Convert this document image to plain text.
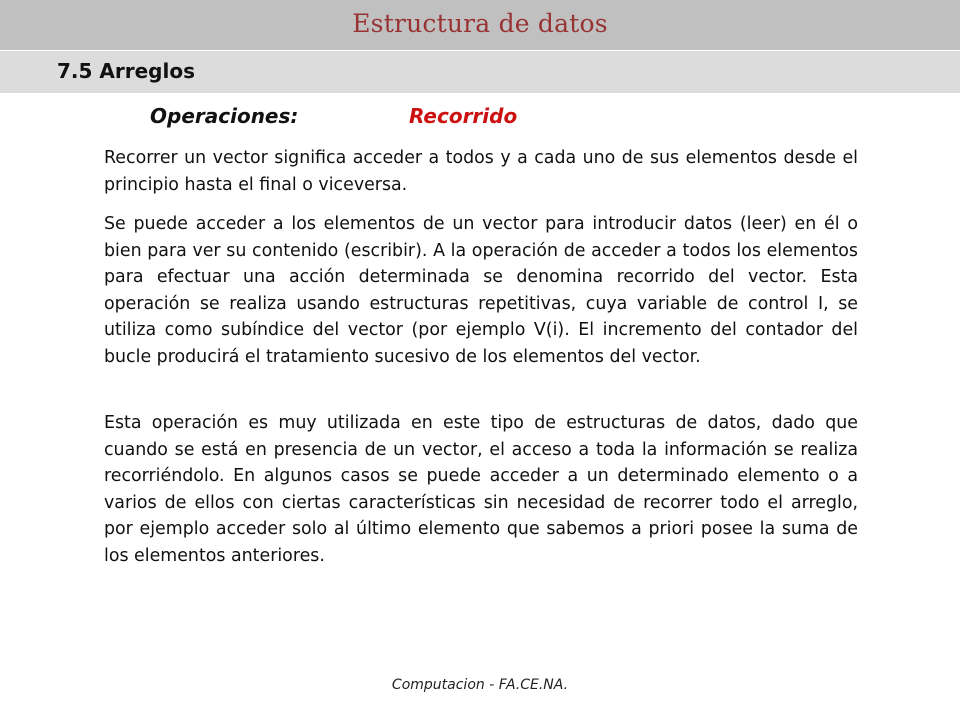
Estructura de datos
7.5 Arreglos
Operaciones:	Recorrido

Recorrer un vector significa acceder a todos y a cada uno de sus elementos desde el principio hasta el final o viceversa.

Se puede acceder a los elementos de un vector para introducir datos (leer) en él o bien para ver su contenido (escribir). A la operación de acceder a todos los elementos para efectuar una acción determinada se denomina recorrido del vector. Esta operación se realiza usando estructuras repetitivas, cuya variable de control I, se utiliza como subíndice del vector (por ejemplo V(i). El incremento del contador del bucle producirá el tratamiento sucesivo de los elementos del vector.

Esta operación es muy utilizada en este tipo de estructuras de datos, dado que cuando se está en presencia de un vector, el acceso a toda la información se realiza recorriéndolo. En algunos casos se puede acceder a un determinado elemento o a varios de ellos con ciertas características sin necesidad de recorrer todo el arreglo, por ejemplo acceder solo al último elemento que sabemos a priori posee la suma de los elementos anteriores.

Computacion - FA.CE.NA.
